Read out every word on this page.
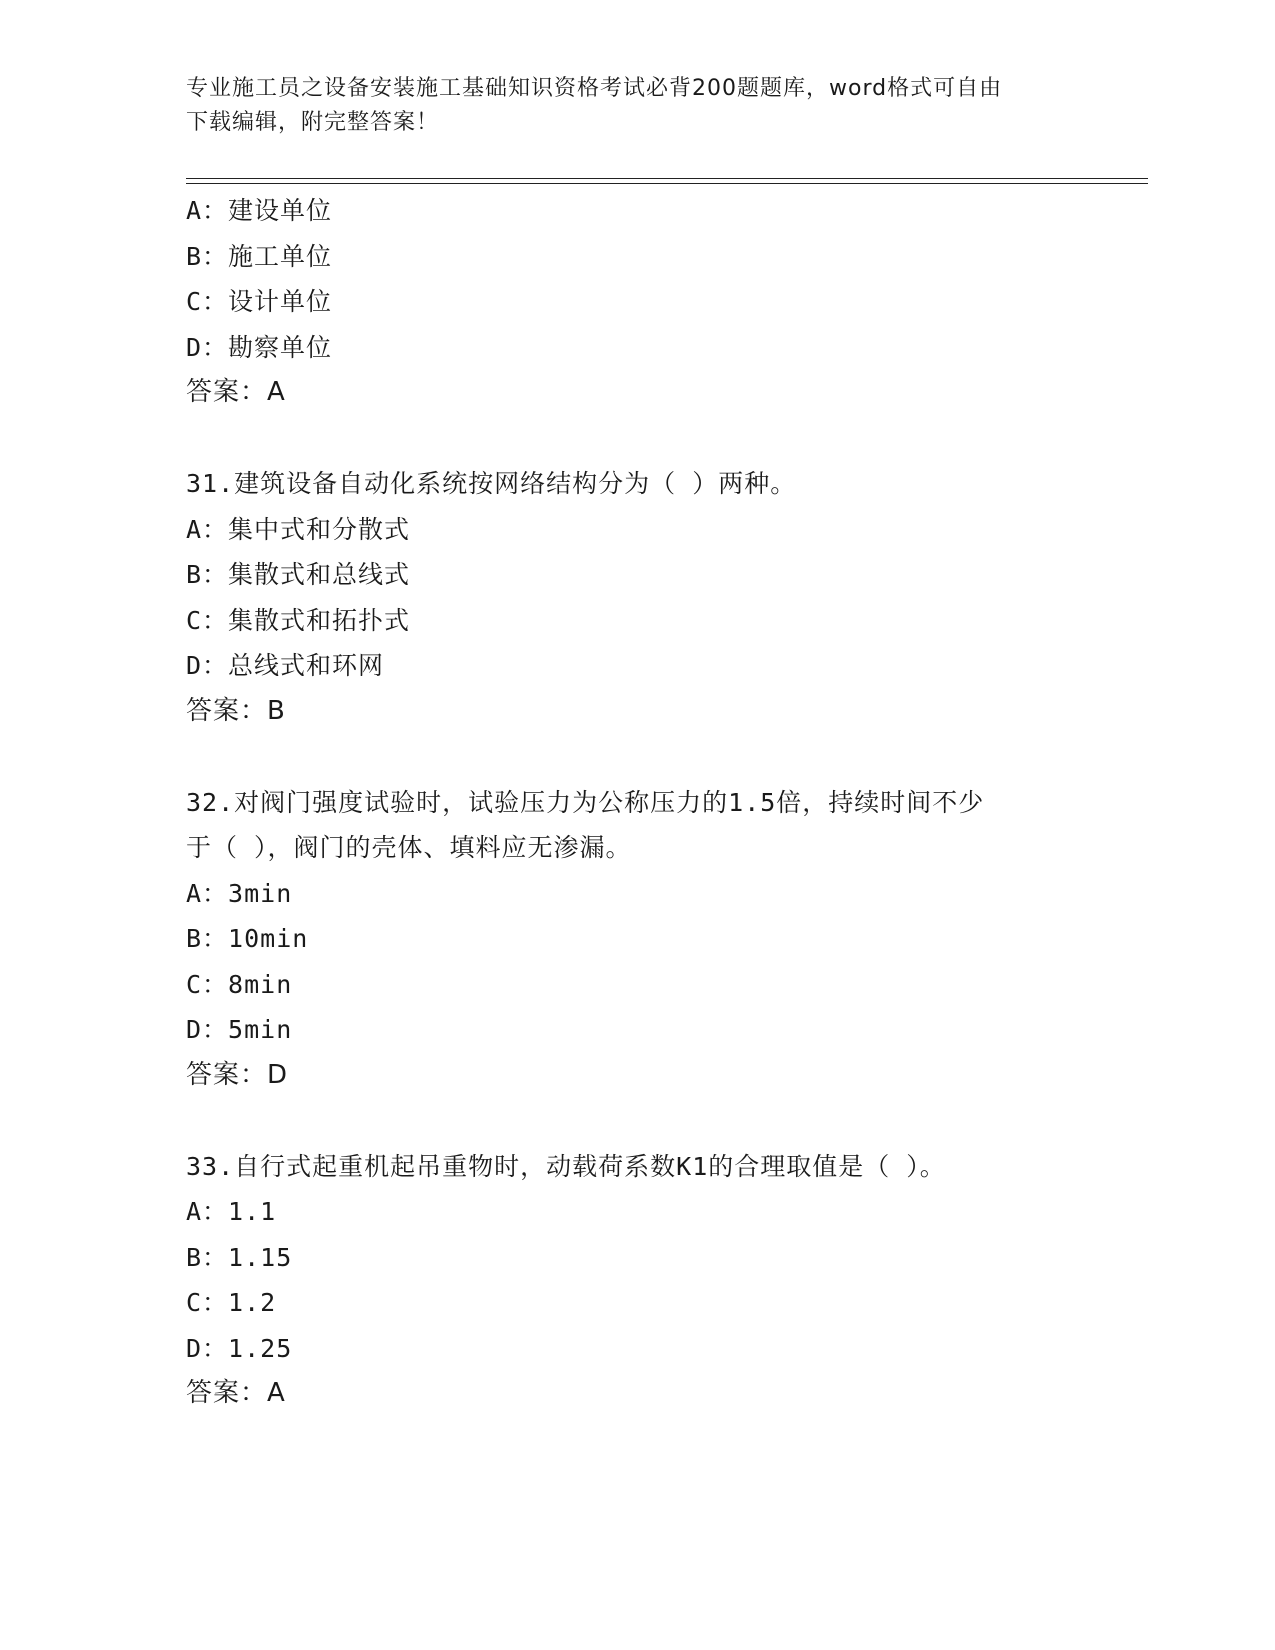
专业施工员之设备安装施工基础知识资格考试必背200题题库，word格式可自由
下载编辑，附完整答案！
A：建设单位
B：施工单位
C：设计单位
D：勘察单位
答案：A
31.建筑设备自动化系统按网络结构分为（ ）两种。
A：集中式和分散式
B：集散式和总线式
C：集散式和拓扑式
D：总线式和环网
答案：B
32.对阀门强度试验时，试验压力为公称压力的1.5倍，持续时间不少
于（ ），阀门的壳体、填料应无渗漏。
A：3min
B：10min
C：8min
D：5min
答案：D
33.自行式起重机起吊重物时，动载荷系数K1的合理取值是（ ）。
A：1.1
B：1.15
C：1.2
D：1.25
答案：A
